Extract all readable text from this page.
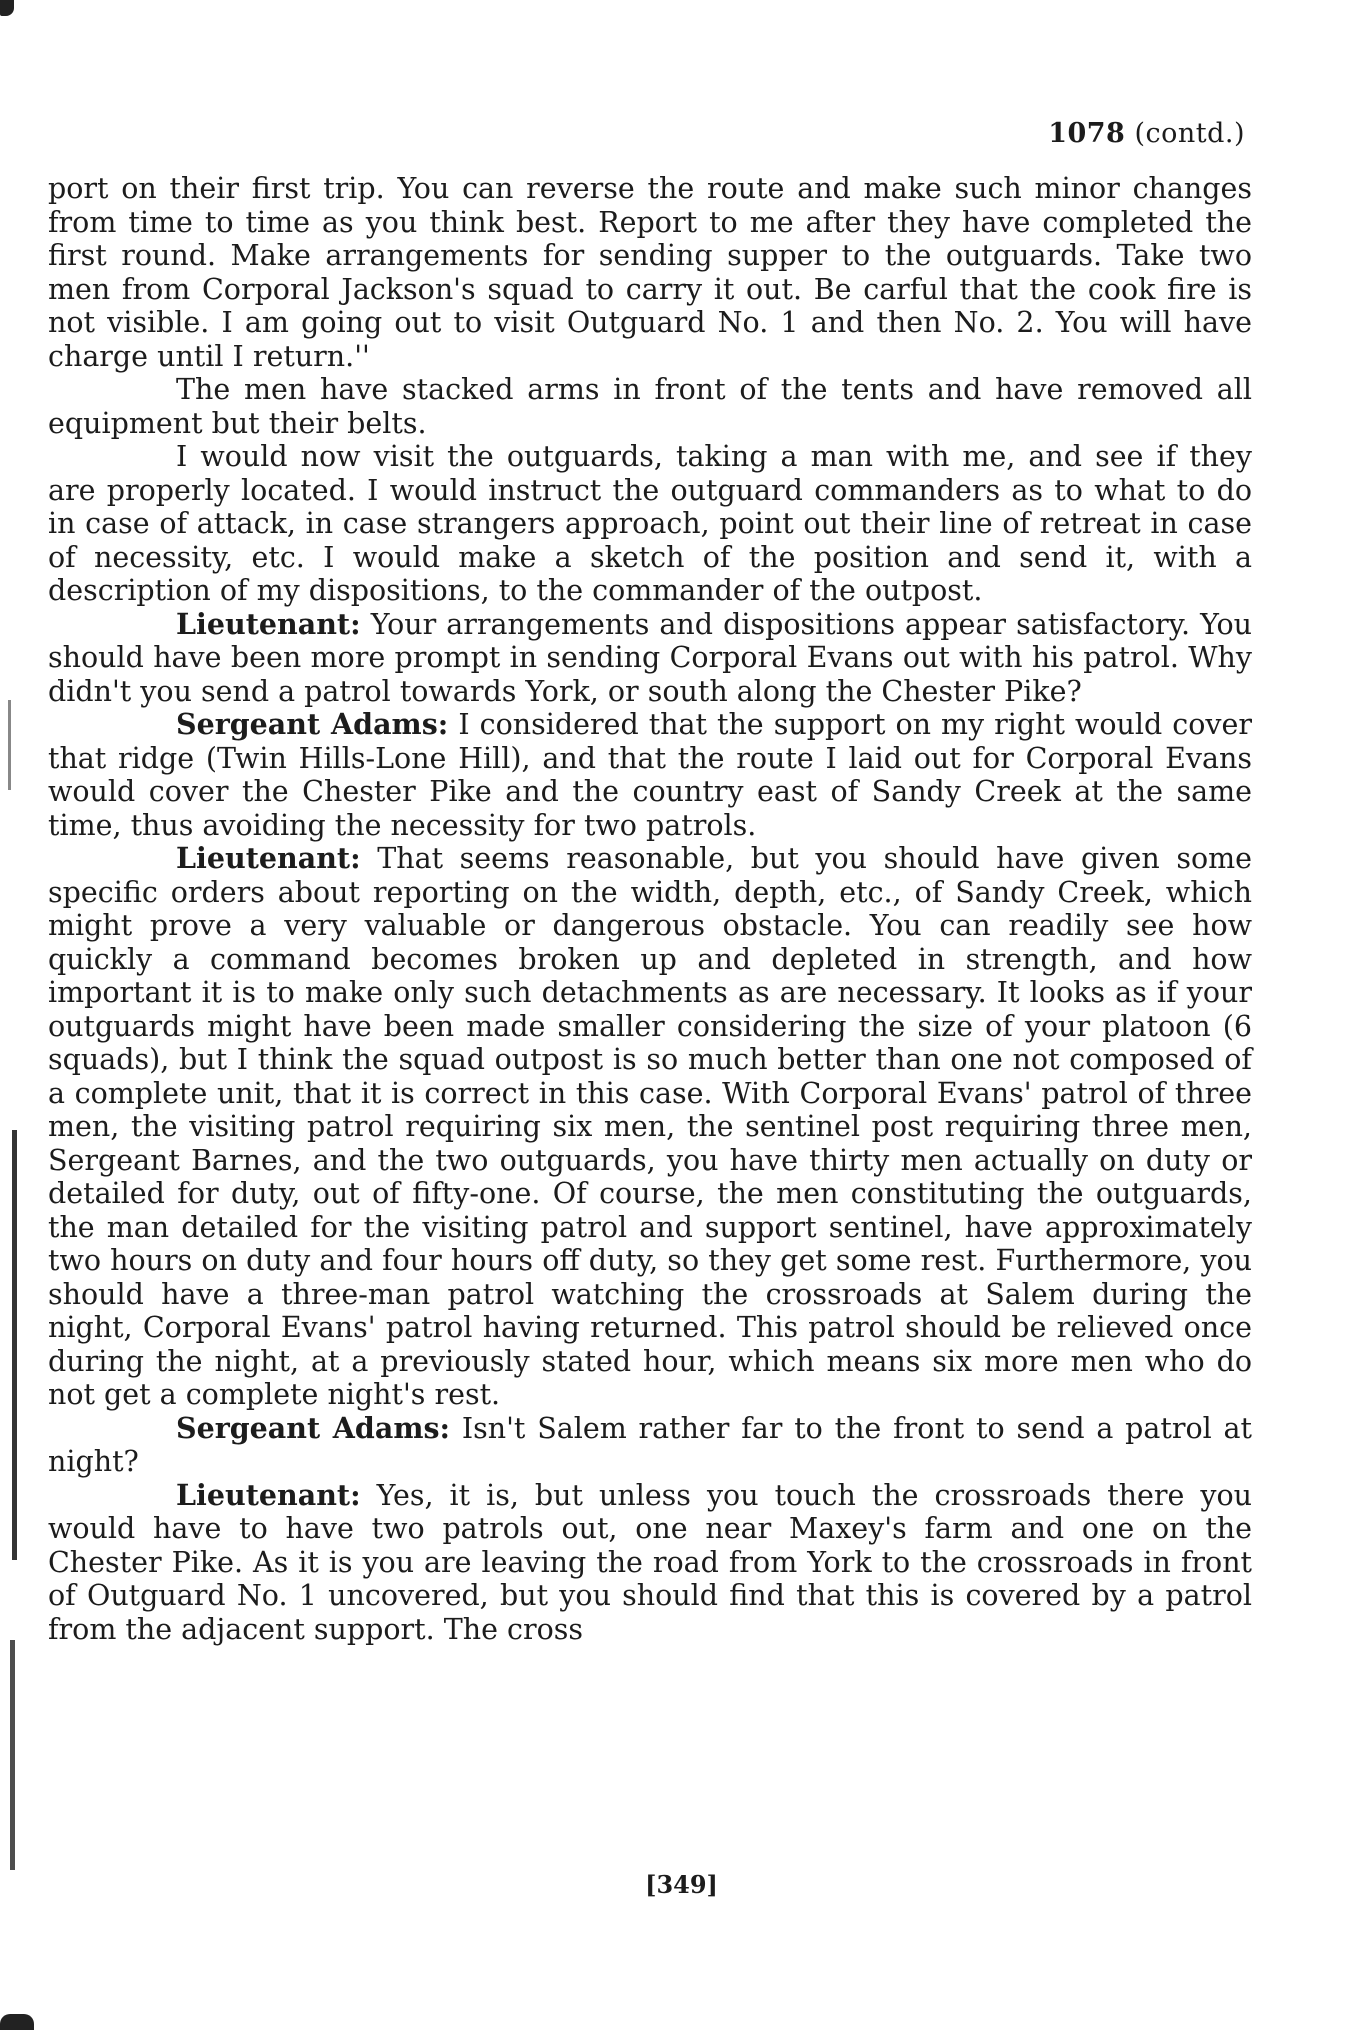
1078 (contd.)

port on their first trip. You can reverse the route and make such minor changes from time to time as you think best. Report to me after they have completed the first round. Make arrangements for sending supper to the outguards. Take two men from Corporal Jackson's squad to carry it out. Be carful that the cook fire is not visible. I am going out to visit Outguard No. 1 and then No. 2. You will have charge until I return.''

The men have stacked arms in front of the tents and have removed all equipment but their belts.

I would now visit the outguards, taking a man with me, and see if they are properly located. I would instruct the outguard commanders as to what to do in case of attack, in case strangers approach, point out their line of retreat in case of necessity, etc. I would make a sketch of the position and send it, with a description of my dispositions, to the commander of the outpost.

Lieutenant: Your arrangements and dispositions appear satisfactory. You should have been more prompt in sending Corporal Evans out with his patrol. Why didn't you send a patrol towards York, or south along the Chester Pike?

Sergeant Adams: I considered that the support on my right would cover that ridge (Twin Hills-Lone Hill), and that the route I laid out for Corporal Evans would cover the Chester Pike and the country east of Sandy Creek at the same time, thus avoiding the necessity for two patrols.

Lieutenant: That seems reasonable, but you should have given some specific orders about reporting on the width, depth, etc., of Sandy Creek, which might prove a very valuable or dangerous obstacle. You can readily see how quickly a command becomes broken up and depleted in strength, and how important it is to make only such detachments as are necessary. It looks as if your outguards might have been made smaller considering the size of your platoon (6 squads), but I think the squad outpost is so much better than one not composed of a complete unit, that it is correct in this case. With Corporal Evans' patrol of three men, the visiting patrol requiring six men, the sentinel post requiring three men, Sergeant Barnes, and the two outguards, you have thirty men actually on duty or detailed for duty, out of fifty-one. Of course, the men constituting the outguards, the man detailed for the visiting patrol and support sentinel, have approximately two hours on duty and four hours off duty, so they get some rest. Furthermore, you should have a three-man patrol watching the crossroads at Salem during the night, Corporal Evans' patrol having returned. This patrol should be relieved once during the night, at a previously stated hour, which means six more men who do not get a complete night's rest.

Sergeant Adams: Isn't Salem rather far to the front to send a patrol at night?

Lieutenant: Yes, it is, but unless you touch the crossroads there you would have to have two patrols out, one near Maxey's farm and one on the Chester Pike. As it is you are leaving the road from York to the crossroads in front of Outguard No. 1 uncovered, but you should find that this is covered by a patrol from the adjacent support. The cross

[349]
